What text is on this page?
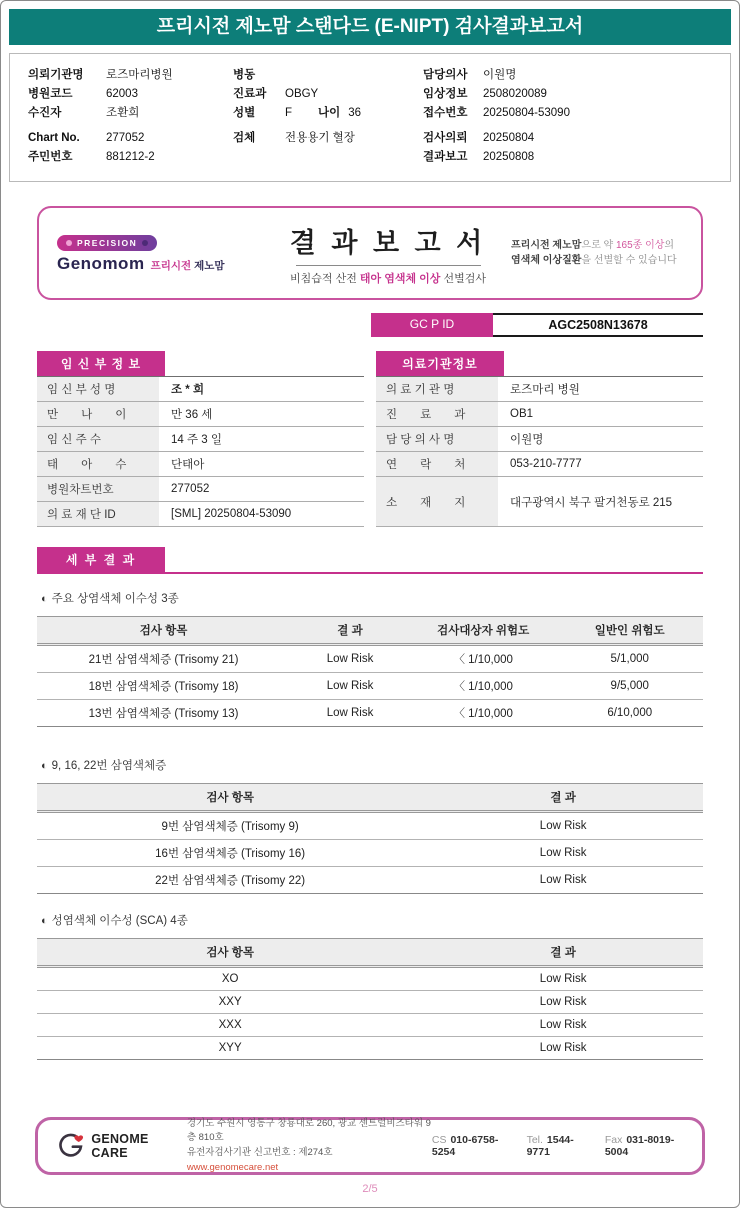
프리시전 제노맘 스탠다드 (E-NIPT) 검사결과보고서
의뢰기관명	로즈마리병원
병원코드	62003
수진자	조환희
Chart No.	277052
주민번호	881212-2
병동
진료과	OBGY
성별	F 나이 36
검체	전용용기 혈장
담당의사	이원명
임상정보	2508020089
접수번호	20250804-53090
검사의뢰	20250804
결과보고	20250808
PRECISION
Genomom 프리시전 제노맘
결 과 보 고 서
비침습적 산전 태아 염색체 이상 선별검사
프리시전 제노맘으로 약 165종 이상의
염색체 이상질환을 선별할 수 있습니다
GC P ID	AGC2508N13678
임 신 부 정 보
임 신 부 성 명	조 * 희
만　　나　　이	만 36 세
임 신 주 수	14 주 3 일
태　　아　　수	단태아
병원차트번호	277052
의 료 재 단 ID	[SML] 20250804-53090
의료기관정보
의 료 기 관 명	로즈마리 병원
진　　료　　과	OB1
담 당 의 사 명	이원명
연　　락　　처	053-210-7777
소　　재　　지	대구광역시 북구 팔거천동로 215
세 부 결 과
◐ 주요 상염색체 이수성 3종
검사 항목	결 과	검사대상자 위험도	일반인 위험도
21번 삼염색체증 (Trisomy 21)	Low Risk	〈 1/10,000	5/1,000
18번 삼염색체증 (Trisomy 18)	Low Risk	〈 1/10,000	9/5,000
13번 삼염색체증 (Trisomy 13)	Low Risk	〈 1/10,000	6/10,000
◐ 9, 16, 22번 삼염색체증
검사 항목	결 과
9번 삼염색체증 (Trisomy 9)	Low Risk
16번 삼염색체증 (Trisomy 16)	Low Risk
22번 삼염색체증 (Trisomy 22)	Low Risk
◐ 성염색체 이수성 (SCA) 4종
검사 항목	결 과
XO	Low Risk
XXY	Low Risk
XXX	Low Risk
XYY	Low Risk
GENOME CARE
경기도 수원시 영통구 창룡대로 260, 광교 센트럴비즈타워 9층 810호
유전자검사기관 신고번호 : 제274호
www.genomecare.net
CS 010-6758-5254
Tel. 1544-9771
Fax 031-8019-5004
2/5
